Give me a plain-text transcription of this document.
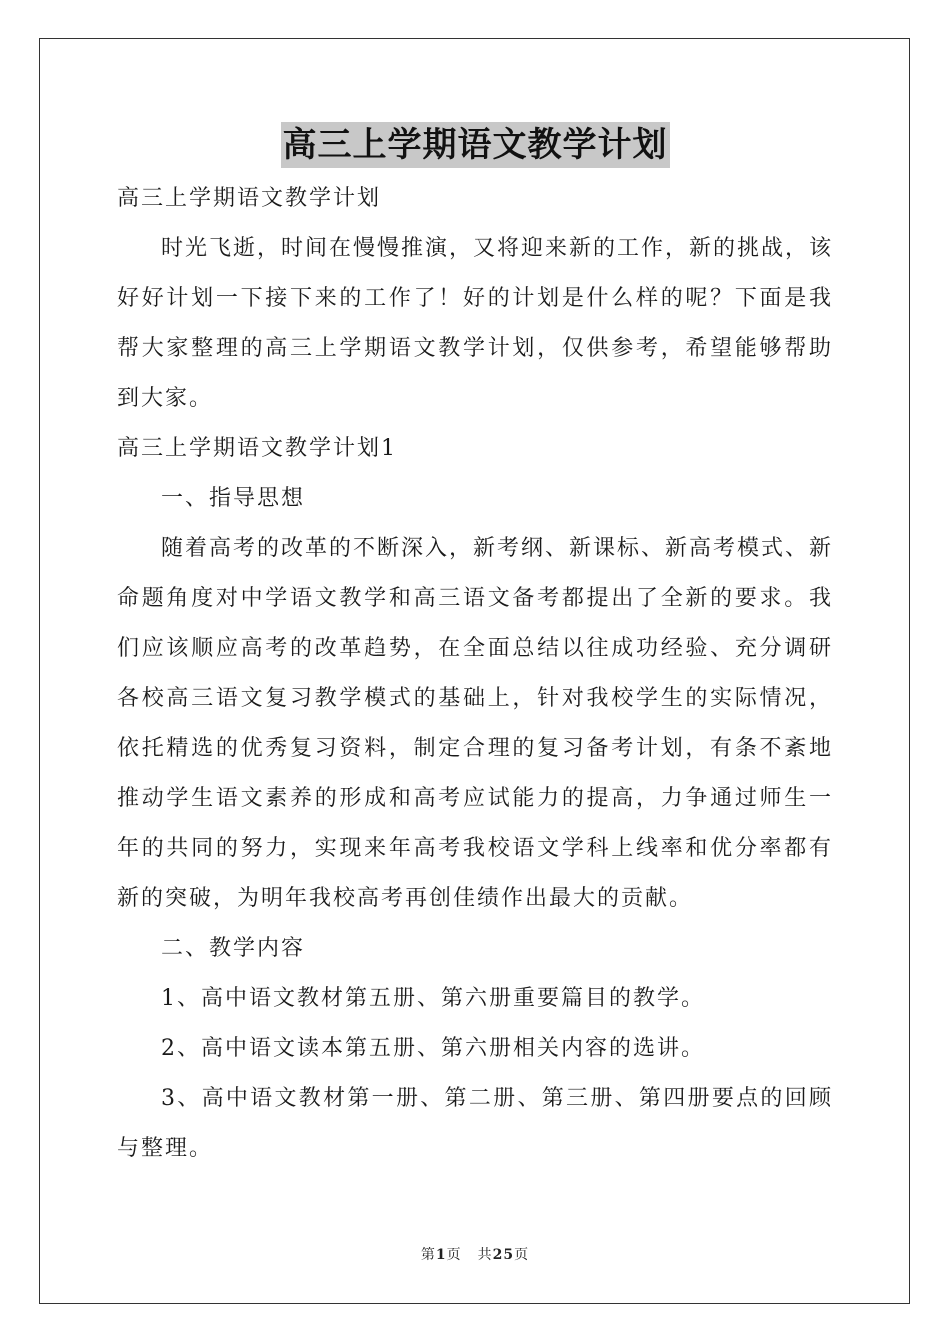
高三上学期语文教学计划

高三上学期语文教学计划

时光飞逝，时间在慢慢推演，又将迎来新的工作，新的挑战，该好好计划一下接下来的工作了！好的计划是什么样的呢？下面是我帮大家整理的高三上学期语文教学计划，仅供参考，希望能够帮助到大家。

高三上学期语文教学计划1

一、指导思想

随着高考的改革的不断深入，新考纲、新课标、新高考模式、新命题角度对中学语文教学和高三语文备考都提出了全新的要求。我们应该顺应高考的改革趋势，在全面总结以往成功经验、充分调研各校高三语文复习教学模式的基础上，针对我校学生的实际情况，依托精选的优秀复习资料，制定合理的复习备考计划，有条不紊地推动学生语文素养的形成和高考应试能力的提高，力争通过师生一年的共同的努力，实现来年高考我校语文学科上线率和优分率都有新的突破，为明年我校高考再创佳绩作出最大的贡献。

二、教学内容

1、高中语文教材第五册、第六册重要篇目的教学。

2、高中语文读本第五册、第六册相关内容的选讲。

3、高中语文教材第一册、第二册、第三册、第四册要点的回顾与整理。

第1页 共25页
